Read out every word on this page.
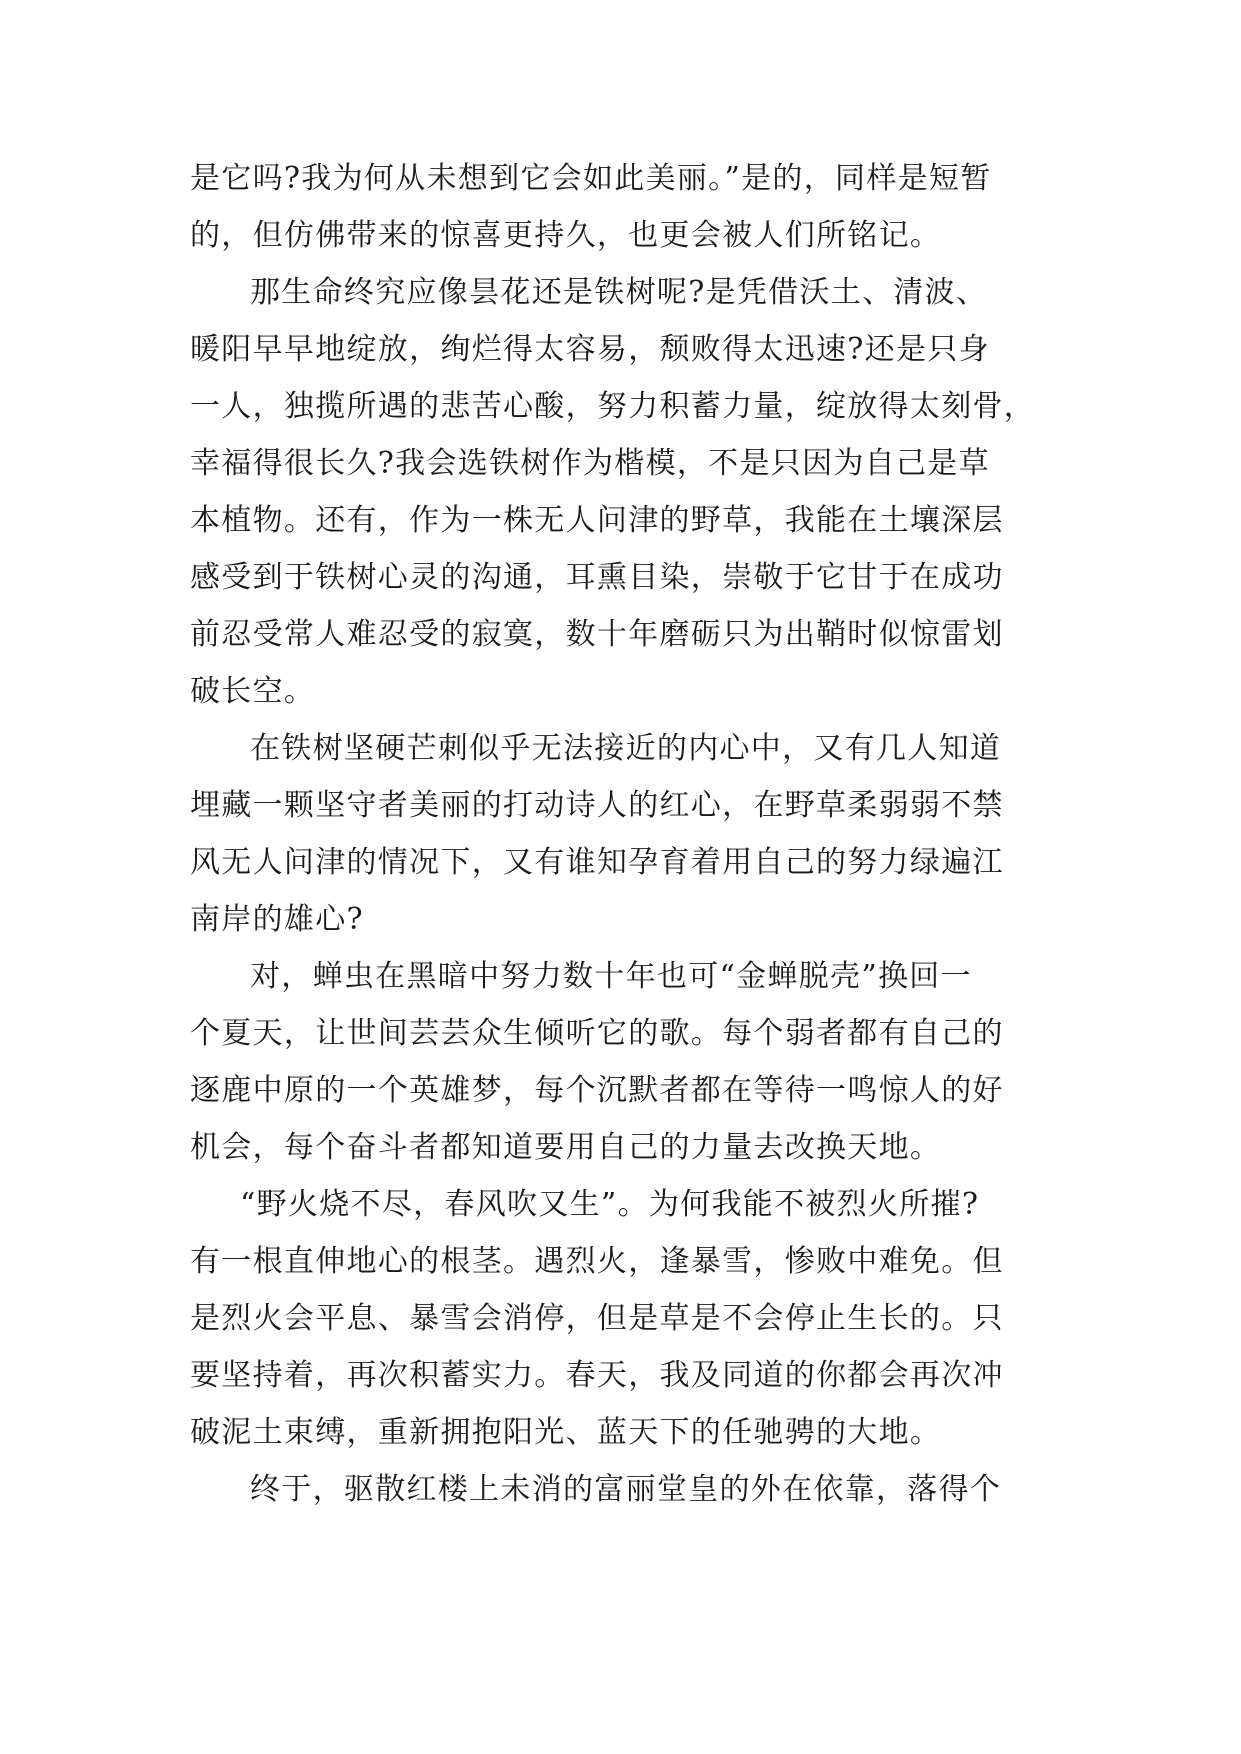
是它吗?我为何从未想到它会如此美丽。”是的，同样是短暂
的，但仿佛带来的惊喜更持久，也更会被人们所铭记。
那生命终究应像昙花还是铁树呢?是凭借沃土、清波、
暖阳早早地绽放，绚烂得太容易，颓败得太迅速?还是只身
一人，独揽所遇的悲苦心酸，努力积蓄力量，绽放得太刻骨，
幸福得很长久?我会选铁树作为楷模，不是只因为自己是草
本植物。还有，作为一株无人问津的野草，我能在土壤深层
感受到于铁树心灵的沟通，耳熏目染，崇敬于它甘于在成功
前忍受常人难忍受的寂寞，数十年磨砺只为出鞘时似惊雷划
破长空。
在铁树坚硬芒刺似乎无法接近的内心中，又有几人知道
埋藏一颗坚守者美丽的打动诗人的红心，在野草柔弱弱不禁
风无人问津的情况下，又有谁知孕育着用自己的努力绿遍江
南岸的雄心?
对，蝉虫在黑暗中努力数十年也可“金蝉脱壳”换回一
个夏天，让世间芸芸众生倾听它的歌。每个弱者都有自己的
逐鹿中原的一个英雄梦，每个沉默者都在等待一鸣惊人的好
机会，每个奋斗者都知道要用自己的力量去改换天地。
“野火烧不尽，春风吹又生”。为何我能不被烈火所摧?
有一根直伸地心的根茎。遇烈火，逢暴雪，惨败中难免。但
是烈火会平息、暴雪会消停，但是草是不会停止生长的。只
要坚持着，再次积蓄实力。春天，我及同道的你都会再次冲
破泥土束缚，重新拥抱阳光、蓝天下的任驰骋的大地。
终于，驱散红楼上未消的富丽堂皇的外在依靠，落得个
